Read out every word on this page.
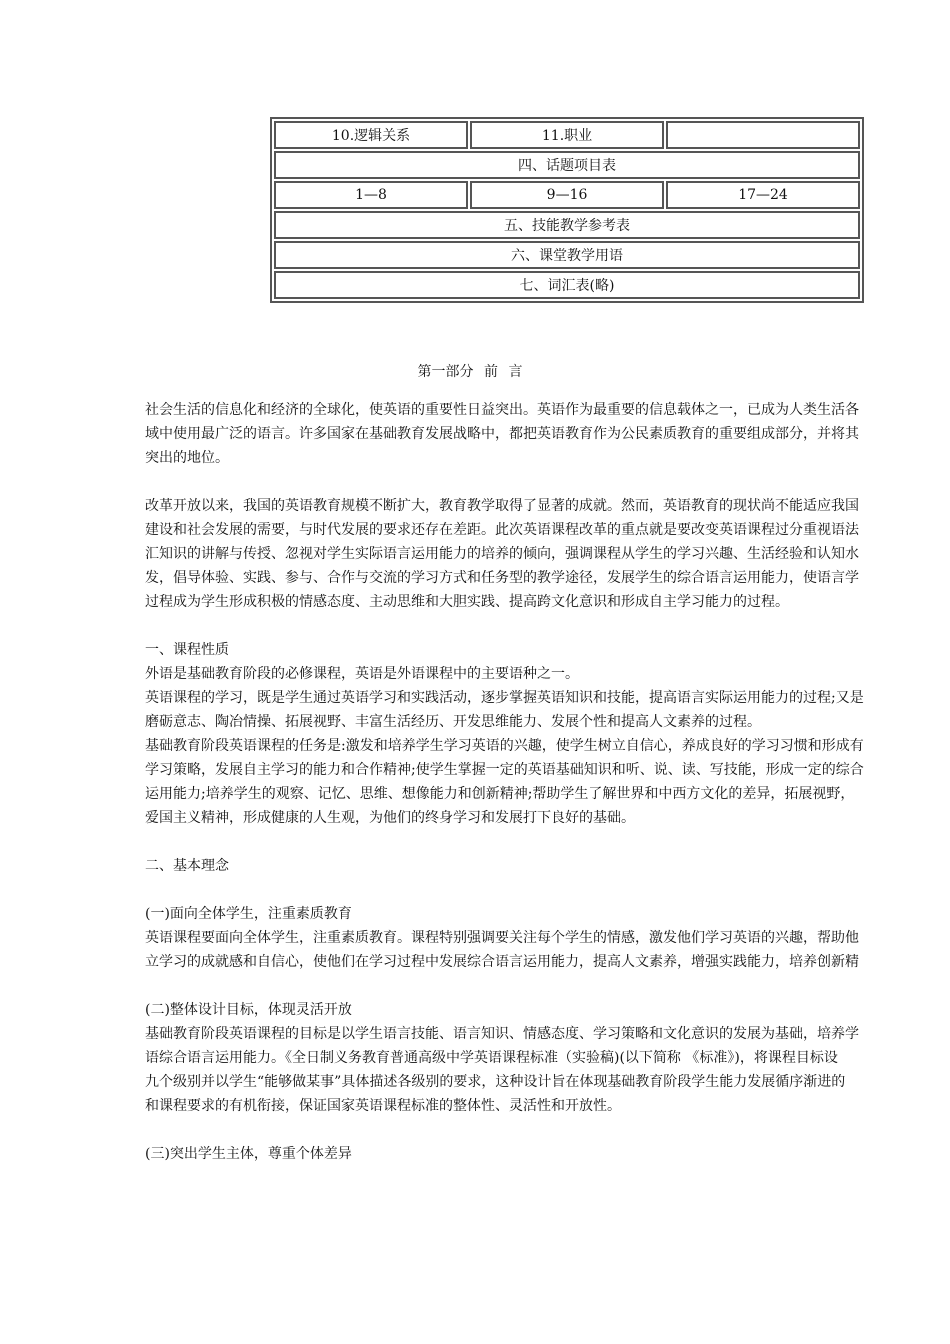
10.逻辑关系	11.职业	
四、话题项目表		
1—8	9—16	17—24
五、技能教学参考表		
六、课堂教学用语		
七、词汇表(略)		
第一部分 前 言

社会生活的信息化和经济的全球化，使英语的重要性日益突出。英语作为最重要的信息载体之一，已成为人类生活各

域中使用最广泛的语言。许多国家在基础教育发展战略中，都把英语教育作为公民素质教育的重要组成部分，并将其

突出的地位。

改革开放以来，我国的英语教育规模不断扩大，教育教学取得了显著的成就。然而，英语教育的现状尚不能适应我国

建设和社会发展的需要，与时代发展的要求还存在差距。此次英语课程改革的重点就是要改变英语课程过分重视语法

汇知识的讲解与传授、忽视对学生实际语言运用能力的培养的倾向，强调课程从学生的学习兴趣、生活经验和认知水

发，倡导体验、实践、参与、合作与交流的学习方式和任务型的教学途径，发展学生的综合语言运用能力，使语言学

过程成为学生形成积极的情感态度、主动思维和大胆实践、提高跨文化意识和形成自主学习能力的过程。

一、课程性质

外语是基础教育阶段的必修课程，英语是外语课程中的主要语种之一。

英语课程的学习，既是学生通过英语学习和实践活动，逐步掌握英语知识和技能，提高语言实际运用能力的过程;又是

磨砺意志、陶冶情操、拓展视野、丰富生活经历、开发思维能力、发展个性和提高人文素养的过程。

基础教育阶段英语课程的任务是:激发和培养学生学习英语的兴趣，使学生树立自信心，养成良好的学习习惯和形成有

学习策略，发展自主学习的能力和合作精神;使学生掌握一定的英语基础知识和听、说、读、写技能，形成一定的综合

运用能力;培养学生的观察、记忆、思维、想像能力和创新精神;帮助学生了解世界和中西方文化的差异，拓展视野，

爱国主义精神，形成健康的人生观，为他们的终身学习和发展打下良好的基础。

二、基本理念

(一)面向全体学生，注重素质教育

英语课程要面向全体学生，注重素质教育。课程特别强调要关注每个学生的情感，激发他们学习英语的兴趣，帮助他

立学习的成就感和自信心，使他们在学习过程中发展综合语言运用能力，提高人文素养，增强实践能力，培养创新精

(二)整体设计目标，体现灵活开放

基础教育阶段英语课程的目标是以学生语言技能、语言知识、情感态度、学习策略和文化意识的发展为基础，培养学

语综合语言运用能力。《全日制义务教育普通高级中学英语课程标准（实验稿)(以下简称 《标准》)，将课程目标设

九个级别并以学生“能够做某事”具体描述各级别的要求，这种设计旨在体现基础教育阶段学生能力发展循序渐进的

和课程要求的有机衔接，保证国家英语课程标准的整体性、灵活性和开放性。

(三)突出学生主体，尊重个体差异
